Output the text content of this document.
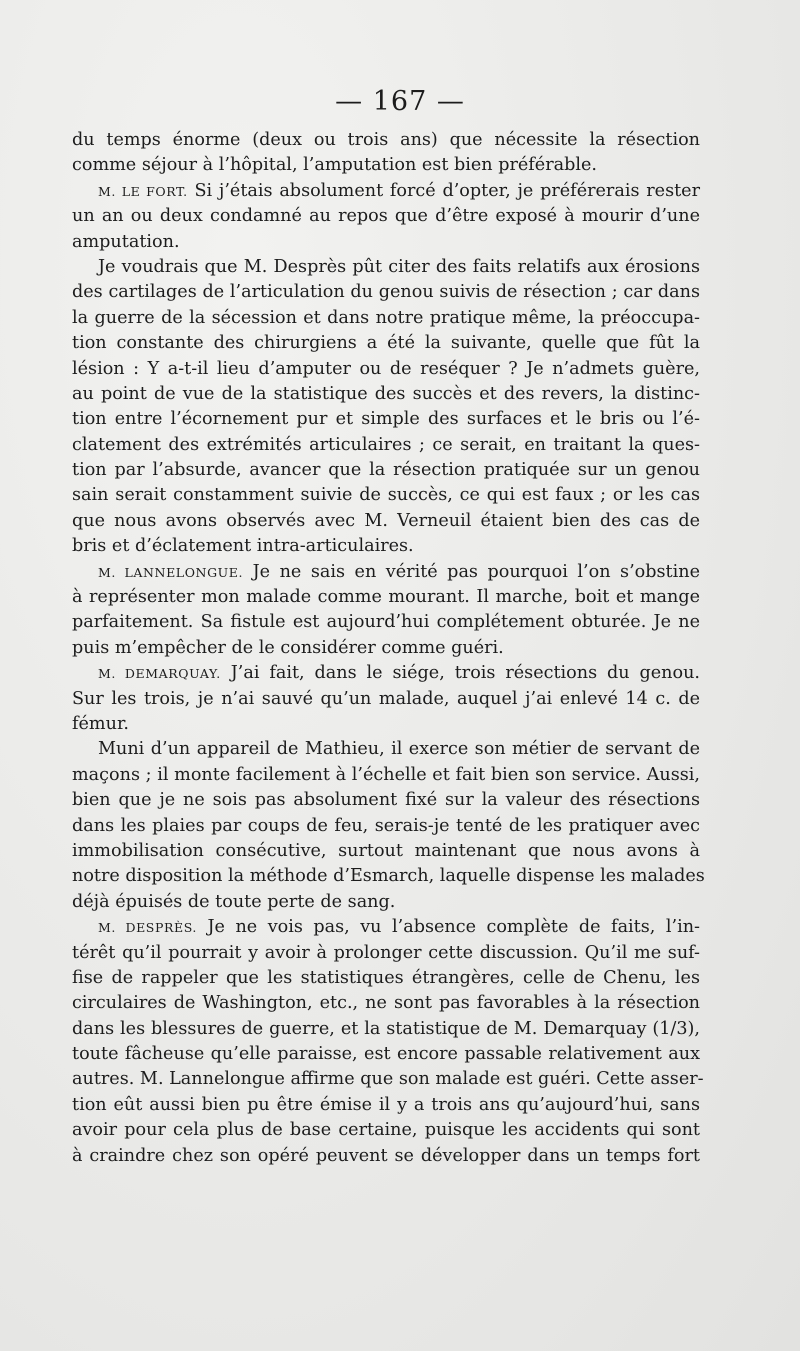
— 167 —
du temps énorme (deux ou trois ans) que nécessite la résection
comme séjour à l’hôpital, l’amputation est bien préférable.
M. LE FORT. Si j’étais absolument forcé d’opter, je préférerais rester
un an ou deux condamné au repos que d’être exposé à mourir d’une
amputation.
Je voudrais que M. Desprès pût citer des faits relatifs aux érosions
des cartilages de l’articulation du genou suivis de résection ; car dans
la guerre de la sécession et dans notre pratique même, la préoccupa-
tion constante des chirurgiens a été la suivante, quelle que fût la
lésion : Y a-t-il lieu d’amputer ou de reséquer ? Je n’admets guère,
au point de vue de la statistique des succès et des revers, la distinc-
tion entre l’écornement pur et simple des surfaces et le bris ou l’é-
clatement des extrémités articulaires ; ce serait, en traitant la ques-
tion par l’absurde, avancer que la résection pratiquée sur un genou
sain serait constamment suivie de succès, ce qui est faux ; or les cas
que nous avons observés avec M. Verneuil étaient bien des cas de
bris et d’éclatement intra-articulaires.
M. LANNELONGUE. Je ne sais en vérité pas pourquoi l’on s’obstine
à représenter mon malade comme mourant. Il marche, boit et mange
parfaitement. Sa fistule est aujourd’hui complétement obturée. Je ne
puis m’empêcher de le considérer comme guéri.
M. DEMARQUAY. J’ai fait, dans le siége, trois résections du genou.
Sur les trois, je n’ai sauvé qu’un malade, auquel j’ai enlevé 14 c. de
fémur.
Muni d’un appareil de Mathieu, il exerce son métier de servant de
maçons ; il monte facilement à l’échelle et fait bien son service. Aussi,
bien que je ne sois pas absolument fixé sur la valeur des résections
dans les plaies par coups de feu, serais-je tenté de les pratiquer avec
immobilisation consécutive, surtout maintenant que nous avons à
notre disposition la méthode d’Esmarch, laquelle dispense les malades
déjà épuisés de toute perte de sang.
M. DESPRÈS. Je ne vois pas, vu l’absence complète de faits, l’in-
térêt qu’il pourrait y avoir à prolonger cette discussion. Qu’il me suf-
fise de rappeler que les statistiques étrangères, celle de Chenu, les
circulaires de Washington, etc., ne sont pas favorables à la résection
dans les blessures de guerre, et la statistique de M. Demarquay (1/3),
toute fâcheuse qu’elle paraisse, est encore passable relativement aux
autres. M. Lannelongue affirme que son malade est guéri. Cette asser-
tion eût aussi bien pu être émise il y a trois ans qu’aujourd’hui, sans
avoir pour cela plus de base certaine, puisque les accidents qui sont
à craindre chez son opéré peuvent se développer dans un temps fort
